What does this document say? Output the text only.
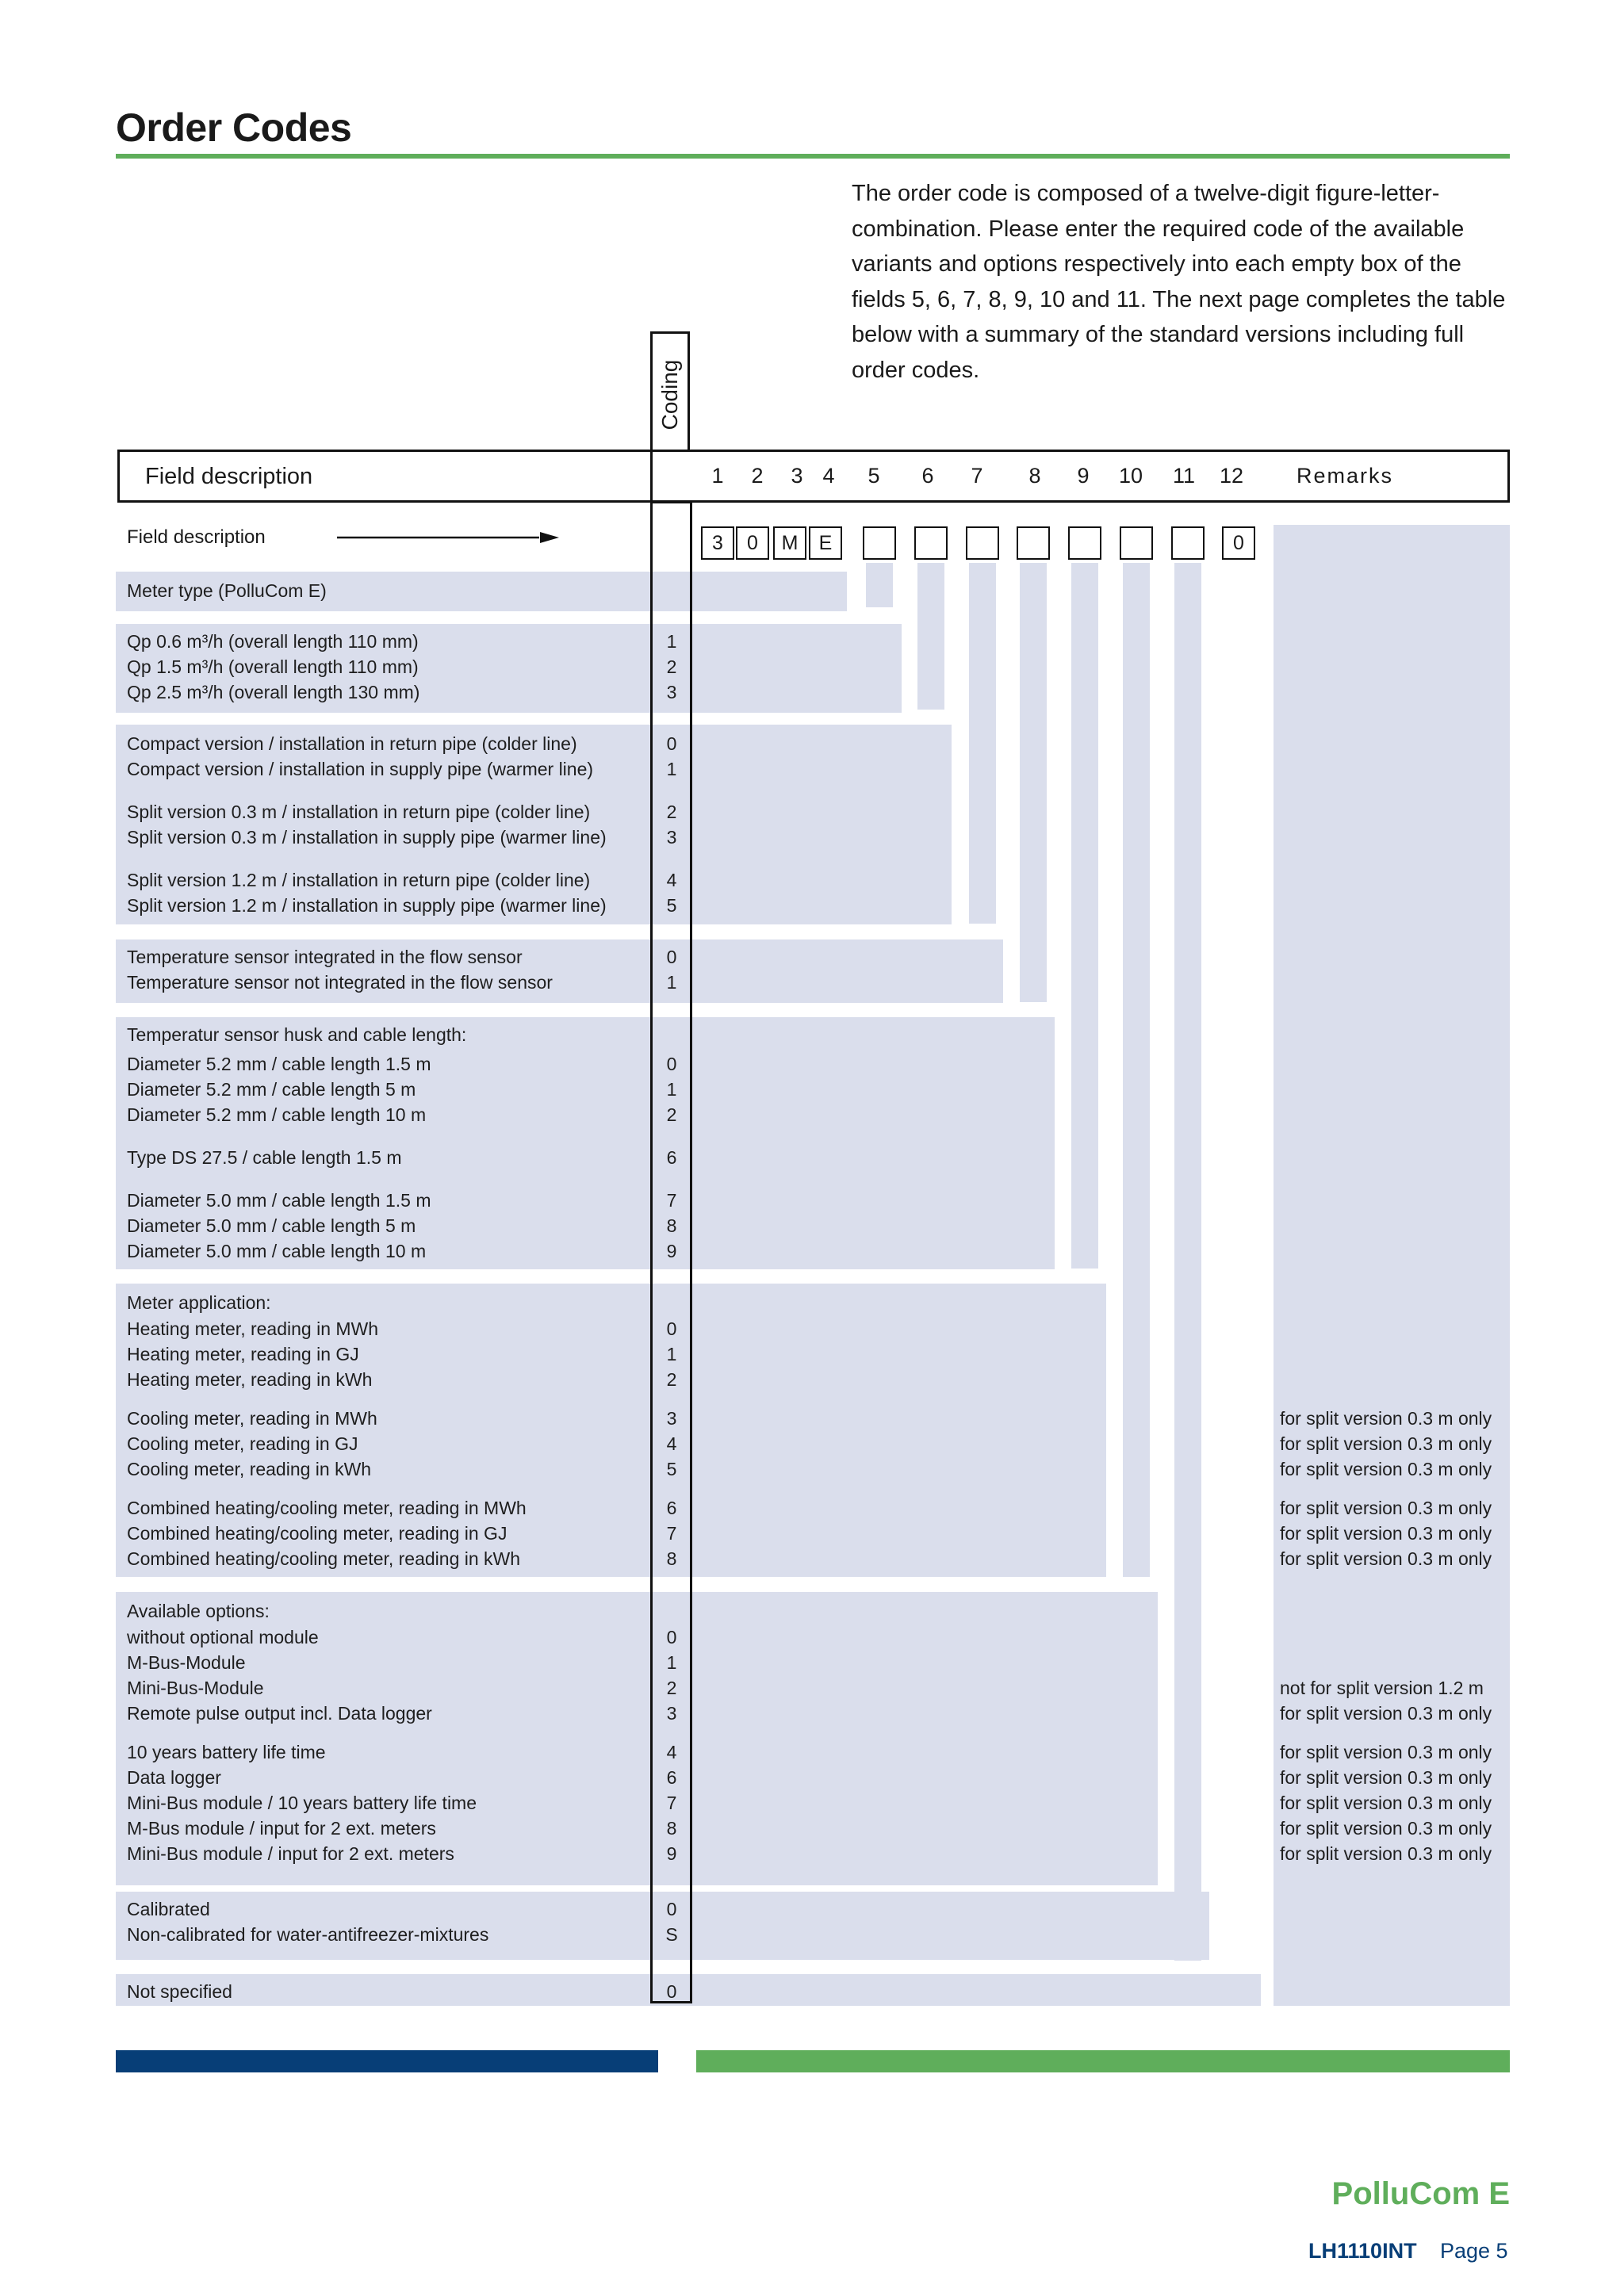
Order Codes
The order code is composed of a twelve-digit figure-letter-combination. Please enter the required code of the available variants and options respectively into each empty box of the fields 5, 6, 7, 8, 9, 10 and 11. The next page completes the table below with a summary of the standard versions including full order codes.
Coding
Field description	1 2 3 4 5 6 7 8 9 10 11 12 Remarks
Field description	3	0	M	E	0
Meter type (PolluCom E)
Qp 0.6 m³/h (overall length 110 mm)	1
Qp 1.5 m³/h (overall length 110 mm)	2
Qp 2.5 m³/h (overall length 130 mm)	3
Compact version / installation in return pipe (colder line)	0
Compact version / installation in supply pipe (warmer line)	1
Split version 0.3 m / installation in return pipe (colder line)	2
Split version 0.3 m / installation in supply pipe (warmer line)	3
Split version 1.2 m / installation in return pipe (colder line)	4
Split version 1.2 m / installation in supply pipe (warmer line)	5
Temperature sensor integrated in the flow sensor	0
Temperature sensor not integrated in the flow sensor	1
Temperatur sensor husk and cable length:
Diameter 5.2 mm / cable length 1.5 m	0
Diameter 5.2 mm / cable length 5 m	1
Diameter 5.2 mm / cable length 10 m	2
Type DS 27.5 / cable length 1.5 m	6
Diameter 5.0 mm / cable length 1.5 m	7
Diameter 5.0 mm / cable length 5 m	8
Diameter 5.0 mm / cable length 10 m	9
Meter application:
Heating meter, reading in MWh	0
Heating meter, reading in GJ	1
Heating meter, reading in kWh	2
Cooling meter, reading in MWh	3	for split version 0.3 m only
Cooling meter, reading in GJ	4	for split version 0.3 m only
Cooling meter, reading in kWh	5	for split version 0.3 m only
Combined heating/cooling meter, reading in MWh	6	for split version 0.3 m only
Combined heating/cooling meter, reading in GJ	7	for split version 0.3 m only
Combined heating/cooling meter, reading in kWh	8	for split version 0.3 m only
Available options:
without optional module	0
M-Bus-Module	1
Mini-Bus-Module	2	not for split version 1.2 m
Remote pulse output incl. Data logger	3	for split version 0.3 m only
10 years battery life time	4	for split version 0.3 m only
Data logger	6	for split version 0.3 m only
Mini-Bus module / 10 years battery life time	7	for split version 0.3 m only
M-Bus module / input for 2 ext. meters	8	for split version 0.3 m only
Mini-Bus module / input for 2 ext. meters	9	for split version 0.3 m only
Calibrated	0
Non-calibrated for water-antifreezer-mixtures	S
Not specified	0
PolluCom E
LH1110INT Page 5
